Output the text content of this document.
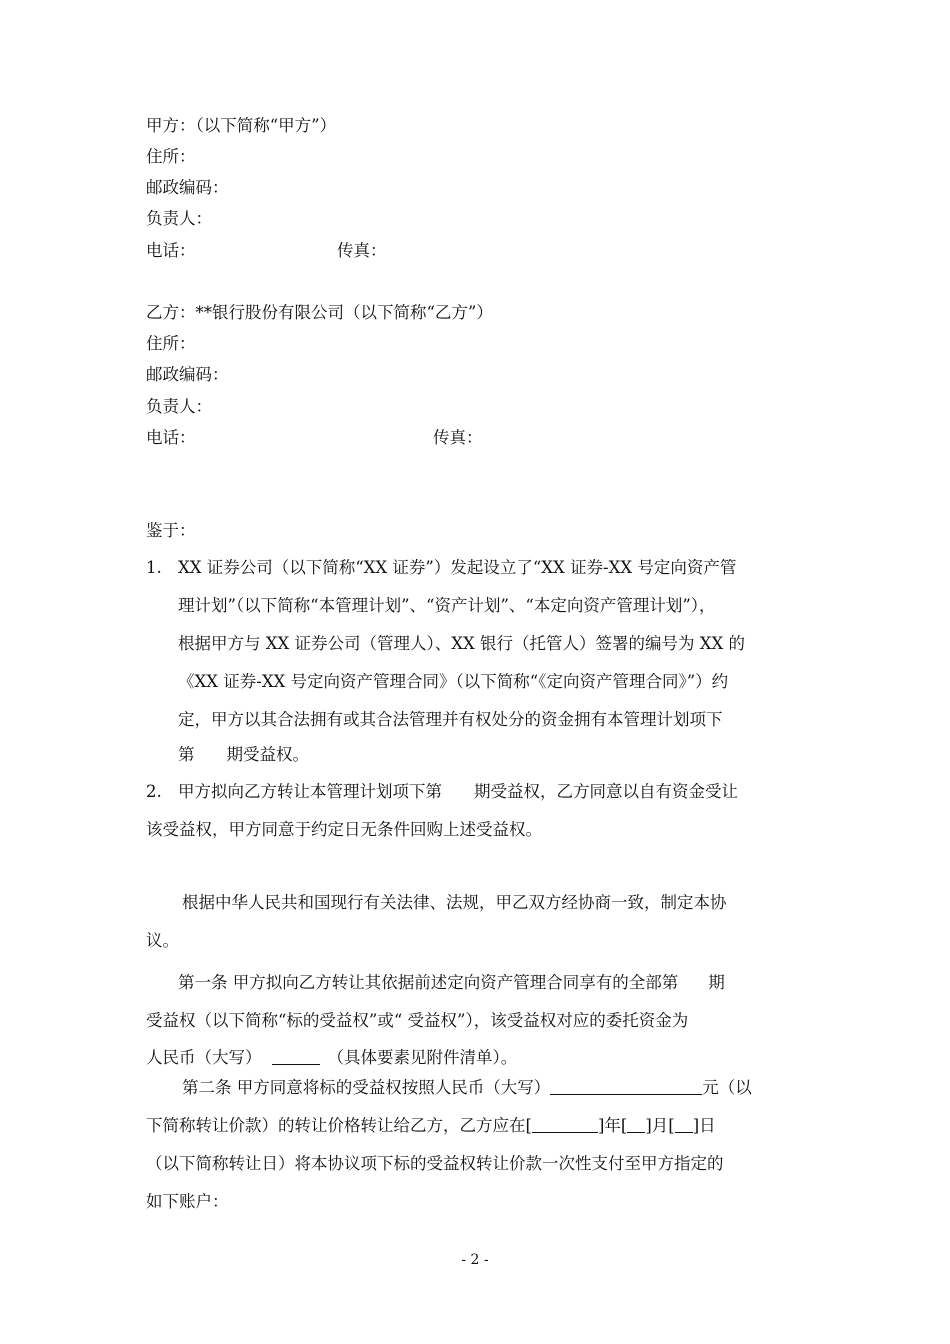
甲方：（以下简称“甲方”）
住所：
邮政编码：
负责人：
电话：	传真：
乙方：**银行股份有限公司（以下简称“乙方”）
住所：
邮政编码：
负责人：
电话：	传真：
鉴于：
1. XX 证券公司（以下简称“XX 证券”）发起设立了“XX 证券-XX 号定向资产管
理计划”（以下简称“本管理计划”、“资产计划”、“本定向资产管理计划”），
根据甲方与 XX 证券公司（管理人）、XX 银行（托管人）签署的编号为 XX 的
《XX 证券-XX 号定向资产管理合同》（以下简称“《定向资产管理合同》”）约
定，甲方以其合法拥有或其合法管理并有权处分的资金拥有本管理计划项下
第 期受益权。
2. 甲方拟向乙方转让本管理计划项下第 期受益权，乙方同意以自有资金受让
该受益权，甲方同意于约定日无条件回购上述受益权。
根据中华人民共和国现行有关法律、法规，甲乙双方经协商一致，制定本协
议。
第一条 甲方拟向乙方转让其依据前述定向资产管理合同享有的全部第 期
受益权（以下简称“标的受益权”或“ 受益权”），该受益权对应的委托资金为
人民币（大写）	（具体要素见附件清单）。
第二条 甲方同意将标的受益权按照人民币（大写）	元（以
下简称转让价款）的转让价格转让给乙方，乙方应在[	]年[ ]月[ ]日
（以下简称转让日）将本协议项下标的受益权转让价款一次性支付至甲方指定的
如下账户：
- 2 -
